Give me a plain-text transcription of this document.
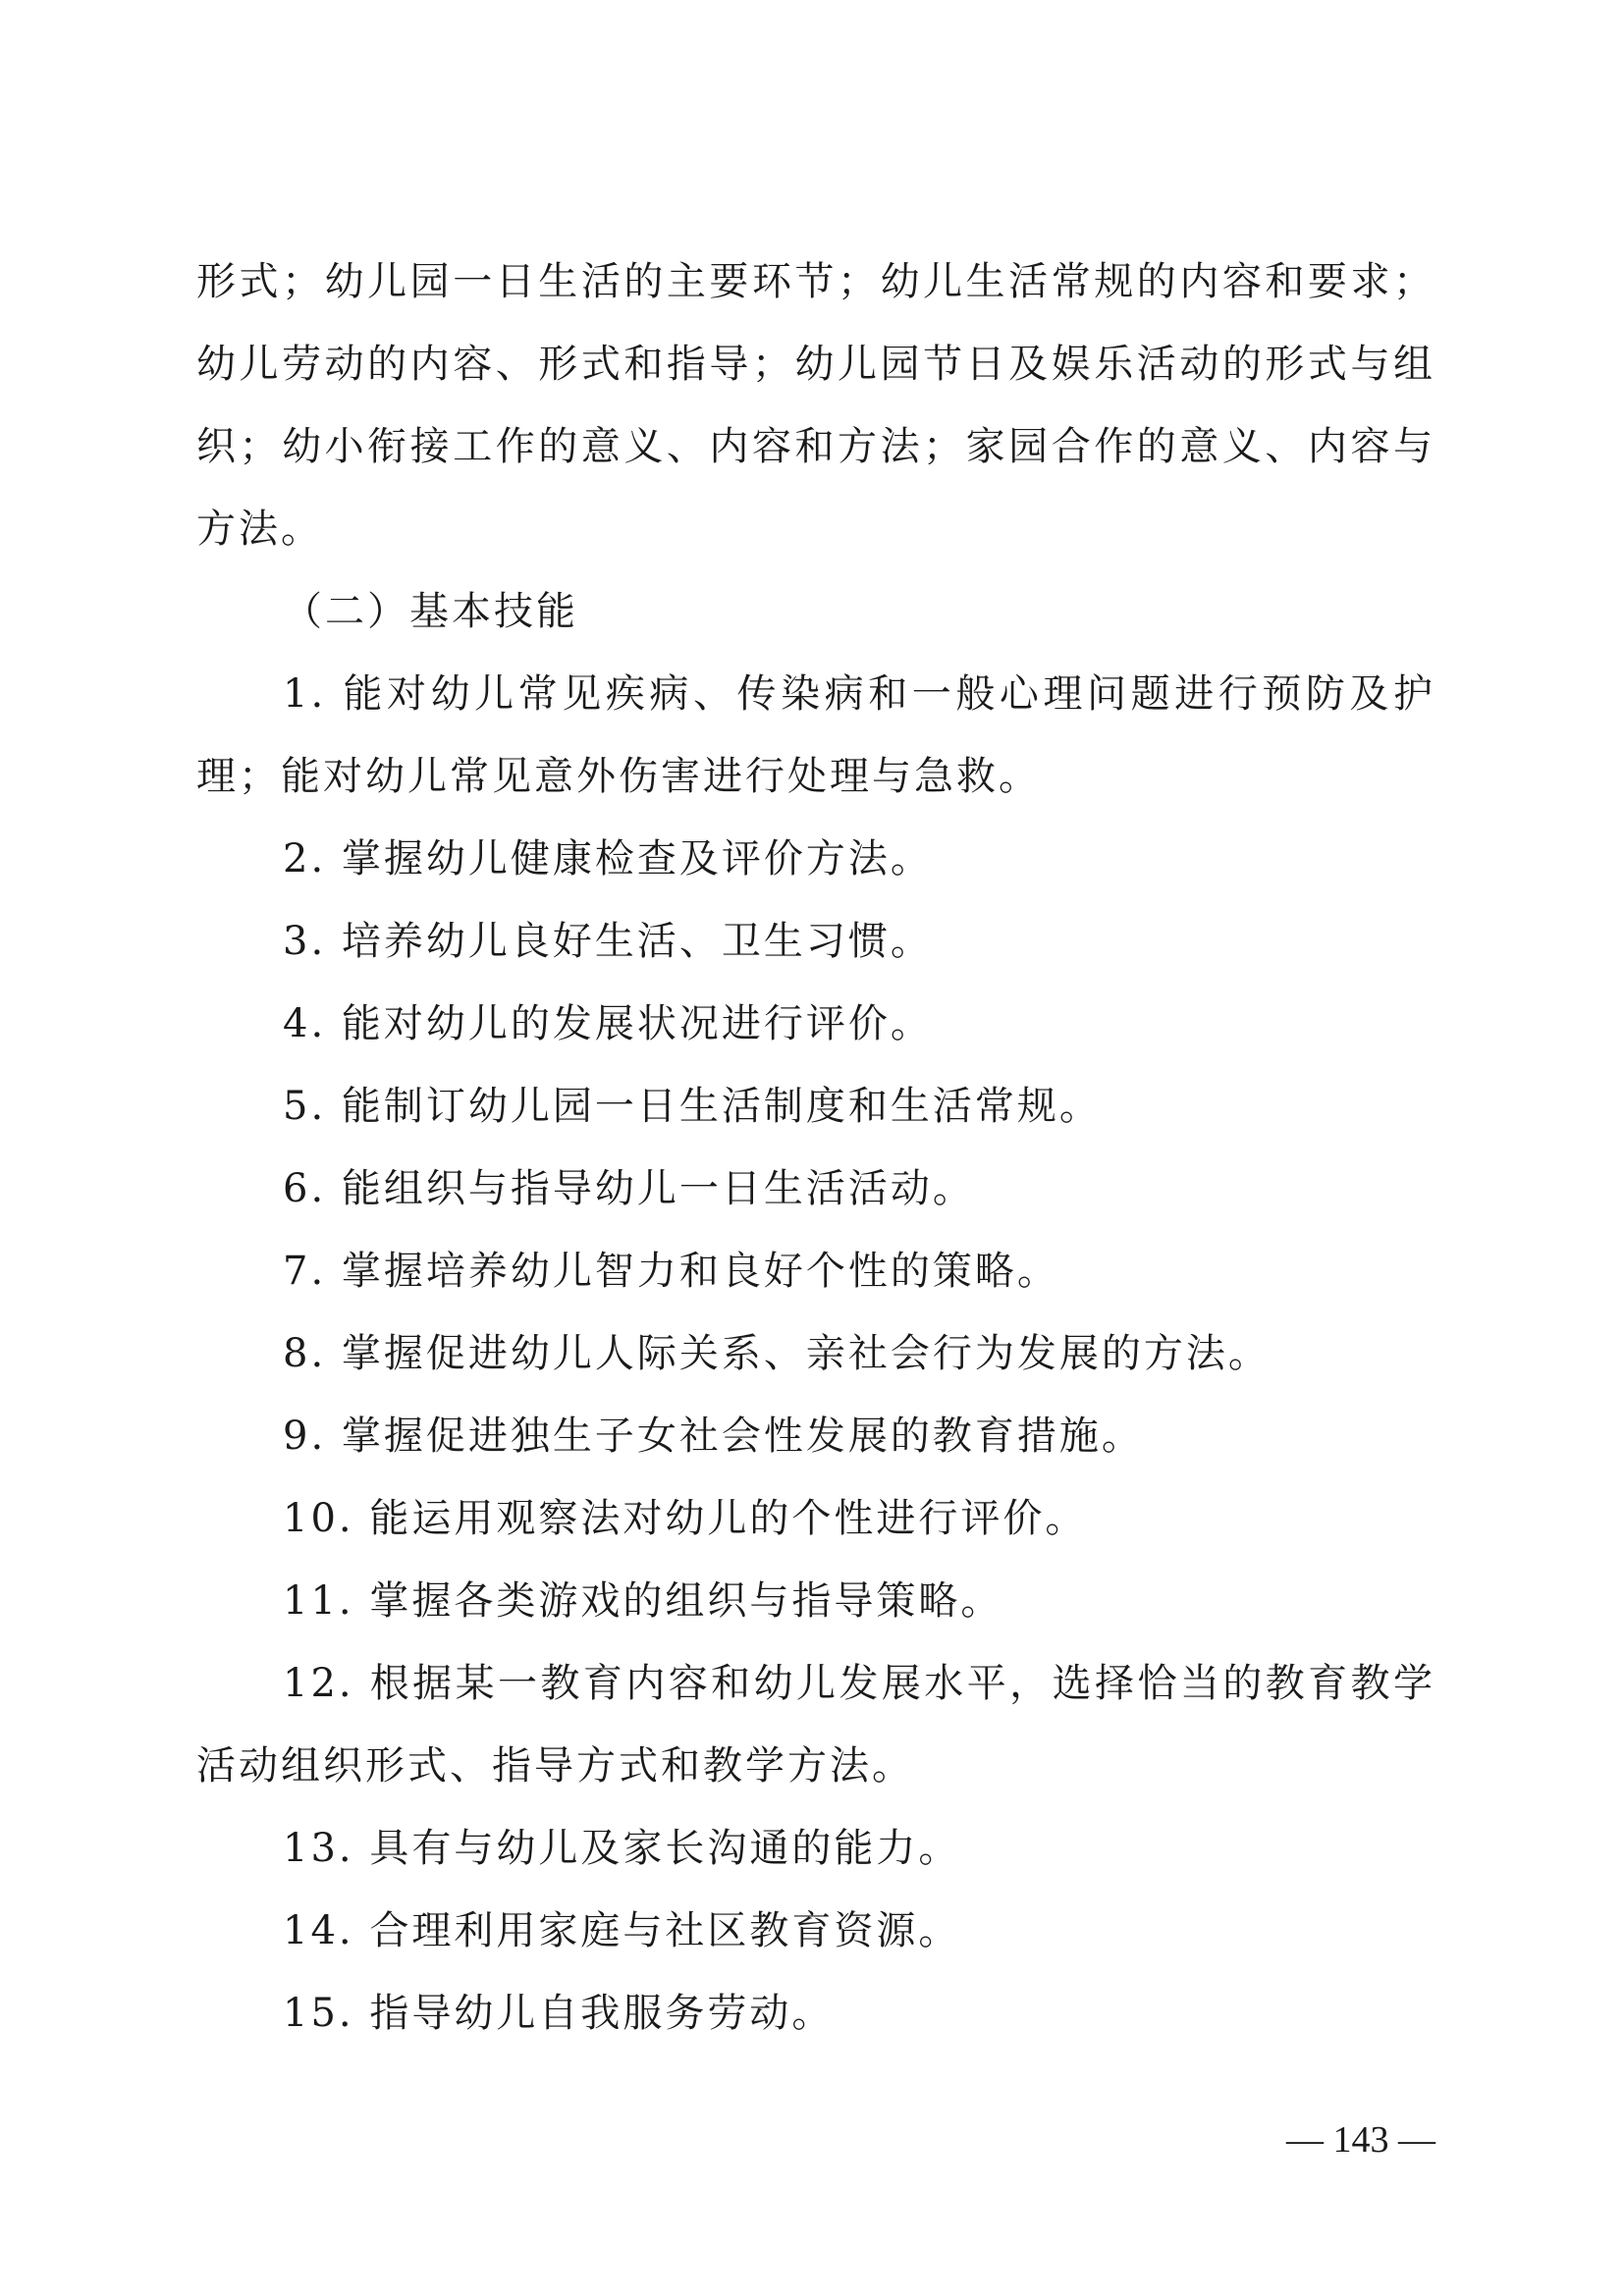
形式；幼儿园一日生活的主要环节；幼儿生活常规的内容和要求；幼儿劳动的内容、形式和指导；幼儿园节日及娱乐活动的形式与组织；幼小衔接工作的意义、内容和方法；家园合作的意义、内容与方法。

（二）基本技能

1. 能对幼儿常见疾病、传染病和一般心理问题进行预防及护理；能对幼儿常见意外伤害进行处理与急救。

2. 掌握幼儿健康检查及评价方法。

3. 培养幼儿良好生活、卫生习惯。

4. 能对幼儿的发展状况进行评价。

5. 能制订幼儿园一日生活制度和生活常规。

6. 能组织与指导幼儿一日生活活动。

7. 掌握培养幼儿智力和良好个性的策略。

8. 掌握促进幼儿人际关系、亲社会行为发展的方法。

9. 掌握促进独生子女社会性发展的教育措施。

10. 能运用观察法对幼儿的个性进行评价。

11. 掌握各类游戏的组织与指导策略。

12. 根据某一教育内容和幼儿发展水平，选择恰当的教育教学活动组织形式、指导方式和教学方法。

13. 具有与幼儿及家长沟通的能力。

14. 合理利用家庭与社区教育资源。

15. 指导幼儿自我服务劳动。

— 143 —
